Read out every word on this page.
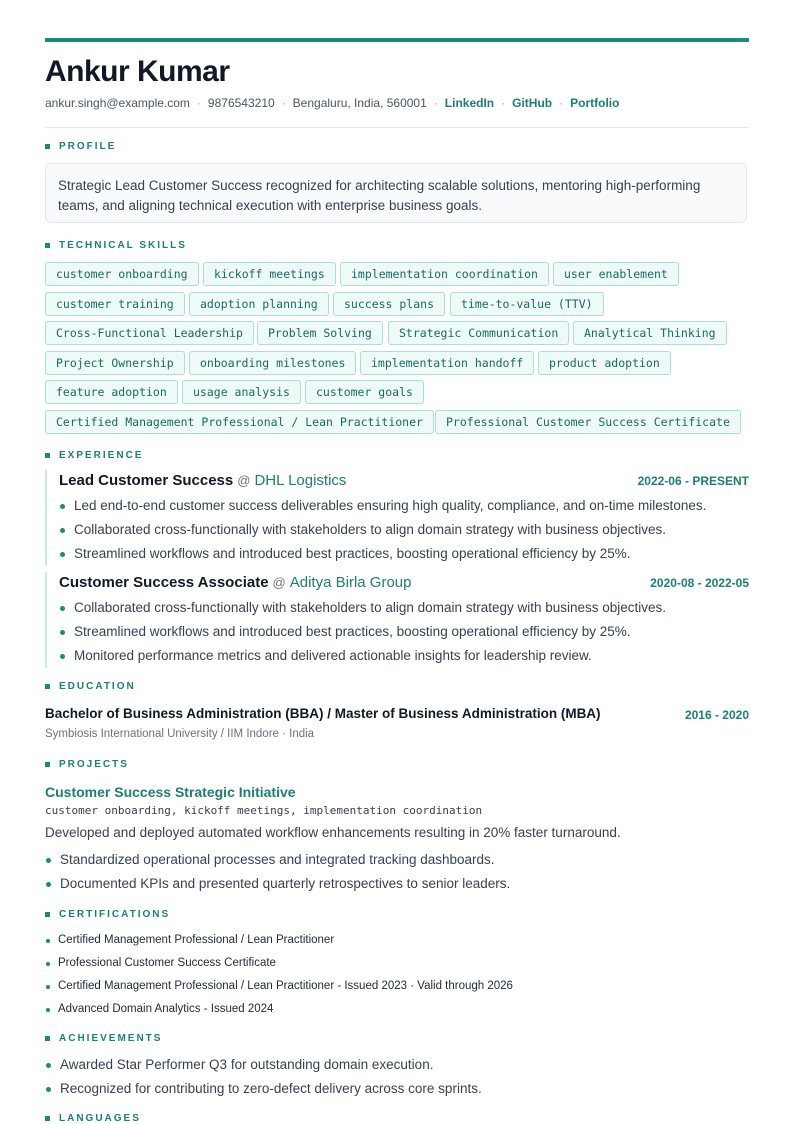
Ankur Kumar
ankur.singh@example.com · 9876543210 · Bengaluru, India, 560001 · LinkedIn · GitHub · Portfolio
PROFILE
Strategic Lead Customer Success recognized for architecting scalable solutions, mentoring high-performing teams, and aligning technical execution with enterprise business goals.
TECHNICAL SKILLS
customer onboarding	kickoff meetings	implementation coordination	user enablement
customer training	adoption planning	success plans	time-to-value (TTV)
Cross-Functional Leadership	Problem Solving	Strategic Communication	Analytical Thinking
Project Ownership	onboarding milestones	implementation handoff	product adoption
feature adoption	usage analysis	customer goals
Certified Management Professional / Lean Practitioner	Professional Customer Success Certificate
EXPERIENCE
Lead Customer Success @ DHL Logistics	2022-06 - PRESENT
Led end-to-end customer success deliverables ensuring high quality, compliance, and on-time milestones.
Collaborated cross-functionally with stakeholders to align domain strategy with business objectives.
Streamlined workflows and introduced best practices, boosting operational efficiency by 25%.
Customer Success Associate @ Aditya Birla Group	2020-08 - 2022-05
Collaborated cross-functionally with stakeholders to align domain strategy with business objectives.
Streamlined workflows and introduced best practices, boosting operational efficiency by 25%.
Monitored performance metrics and delivered actionable insights for leadership review.
EDUCATION
Bachelor of Business Administration (BBA) / Master of Business Administration (MBA)	2016 - 2020
Symbiosis International University / IIM Indore · India
PROJECTS
Customer Success Strategic Initiative
customer onboarding, kickoff meetings, implementation coordination
Developed and deployed automated workflow enhancements resulting in 20% faster turnaround.
Standardized operational processes and integrated tracking dashboards.
Documented KPIs and presented quarterly retrospectives to senior leaders.
CERTIFICATIONS
Certified Management Professional / Lean Practitioner
Professional Customer Success Certificate
Certified Management Professional / Lean Practitioner - Issued 2023 · Valid through 2026
Advanced Domain Analytics - Issued 2024
ACHIEVEMENTS
Awarded Star Performer Q3 for outstanding domain execution.
Recognized for contributing to zero-defect delivery across core sprints.
LANGUAGES
